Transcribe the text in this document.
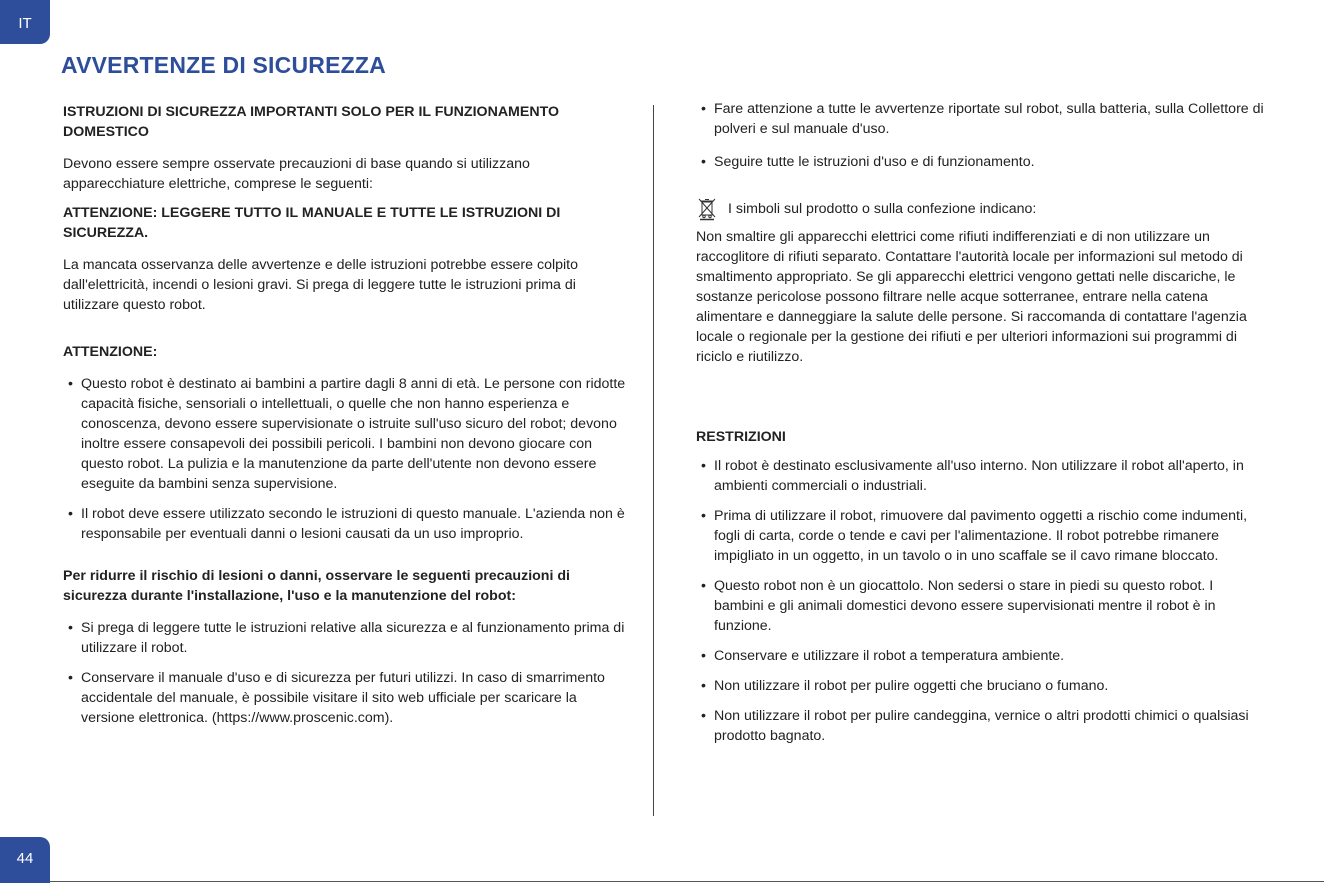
IT
AVVERTENZE DI SICUREZZA

ISTRUZIONI DI SICUREZZA IMPORTANTI SOLO PER IL FUNZIONAMENTO DOMESTICO

Devono essere sempre osservate precauzioni di base quando si utilizzano apparecchiature elettriche, comprese le seguenti:

ATTENZIONE: LEGGERE TUTTO IL MANUALE E TUTTE LE ISTRUZIONI DI SICUREZZA.

La mancata osservanza delle avvertenze e delle istruzioni potrebbe essere colpito dall'elettricità, incendi o lesioni gravi. Si prega di leggere tutte le istruzioni prima di utilizzare questo robot.

ATTENZIONE:

• Questo robot è destinato ai bambini a partire dagli 8 anni di età. Le persone con ridotte capacità fisiche, sensoriali o intellettuali, o quelle che non hanno esperienza e conoscenza, devono essere supervisionate o istruite sull'uso sicuro del robot; devono inoltre essere consapevoli dei possibili pericoli. I bambini non devono giocare con questo robot. La pulizia e la manutenzione da parte dell'utente non devono essere eseguite da bambini senza supervisione.
• Il robot deve essere utilizzato secondo le istruzioni di questo manuale. L'azienda non è responsabile per eventuali danni o lesioni causati da un uso improprio.

Per ridurre il rischio di lesioni o danni, osservare le seguenti precauzioni di sicurezza durante l'installazione, l'uso e la manutenzione del robot:

• Si prega di leggere tutte le istruzioni relative alla sicurezza e al funzionamento prima di utilizzare il robot.
• Conservare il manuale d'uso e di sicurezza per futuri utilizzi. In caso di smarrimento accidentale del manuale, è possibile visitare il sito web ufficiale per scaricare la versione elettronica. (https://www.proscenic.com).
• Fare attenzione a tutte le avvertenze riportate sul robot, sulla batteria, sulla Collettore di polveri e sul manuale d'uso.
• Seguire tutte le istruzioni d'uso e di funzionamento.
I simboli sul prodotto o sulla confezione indicano:

Non smaltire gli apparecchi elettrici come rifiuti indifferenziati e di non utilizzare un raccoglitore di rifiuti separato. Contattare l'autorità locale per informazioni sul metodo di smaltimento appropriato. Se gli apparecchi elettrici vengono gettati nelle discariche, le sostanze pericolose possono filtrare nelle acque sotterranee, entrare nella catena alimentare e danneggiare la salute delle persone. Si raccomanda di contattare l'agenzia locale o regionale per la gestione dei rifiuti e per ulteriori informazioni sui programmi di riciclo e riutilizzo.

RESTRIZIONI

• Il robot è destinato esclusivamente all'uso interno. Non utilizzare il robot all'aperto, in ambienti commerciali o industriali.
• Prima di utilizzare il robot, rimuovere dal pavimento oggetti a rischio come indumenti, fogli di carta, corde o tende e cavi per l'alimentazione. Il robot potrebbe rimanere impigliato in un oggetto, in un tavolo o in uno scaffale se il cavo rimane bloccato.
• Questo robot non è un giocattolo. Non sedersi o stare in piedi su questo robot. I bambini e gli animali domestici devono essere supervisionati mentre il robot è in funzione.
• Conservare e utilizzare il robot a temperatura ambiente.
• Non utilizzare il robot per pulire oggetti che bruciano o fumano.
• Non utilizzare il robot per pulire candeggina, vernice o altri prodotti chimici o qualsiasi prodotto bagnato.
44
